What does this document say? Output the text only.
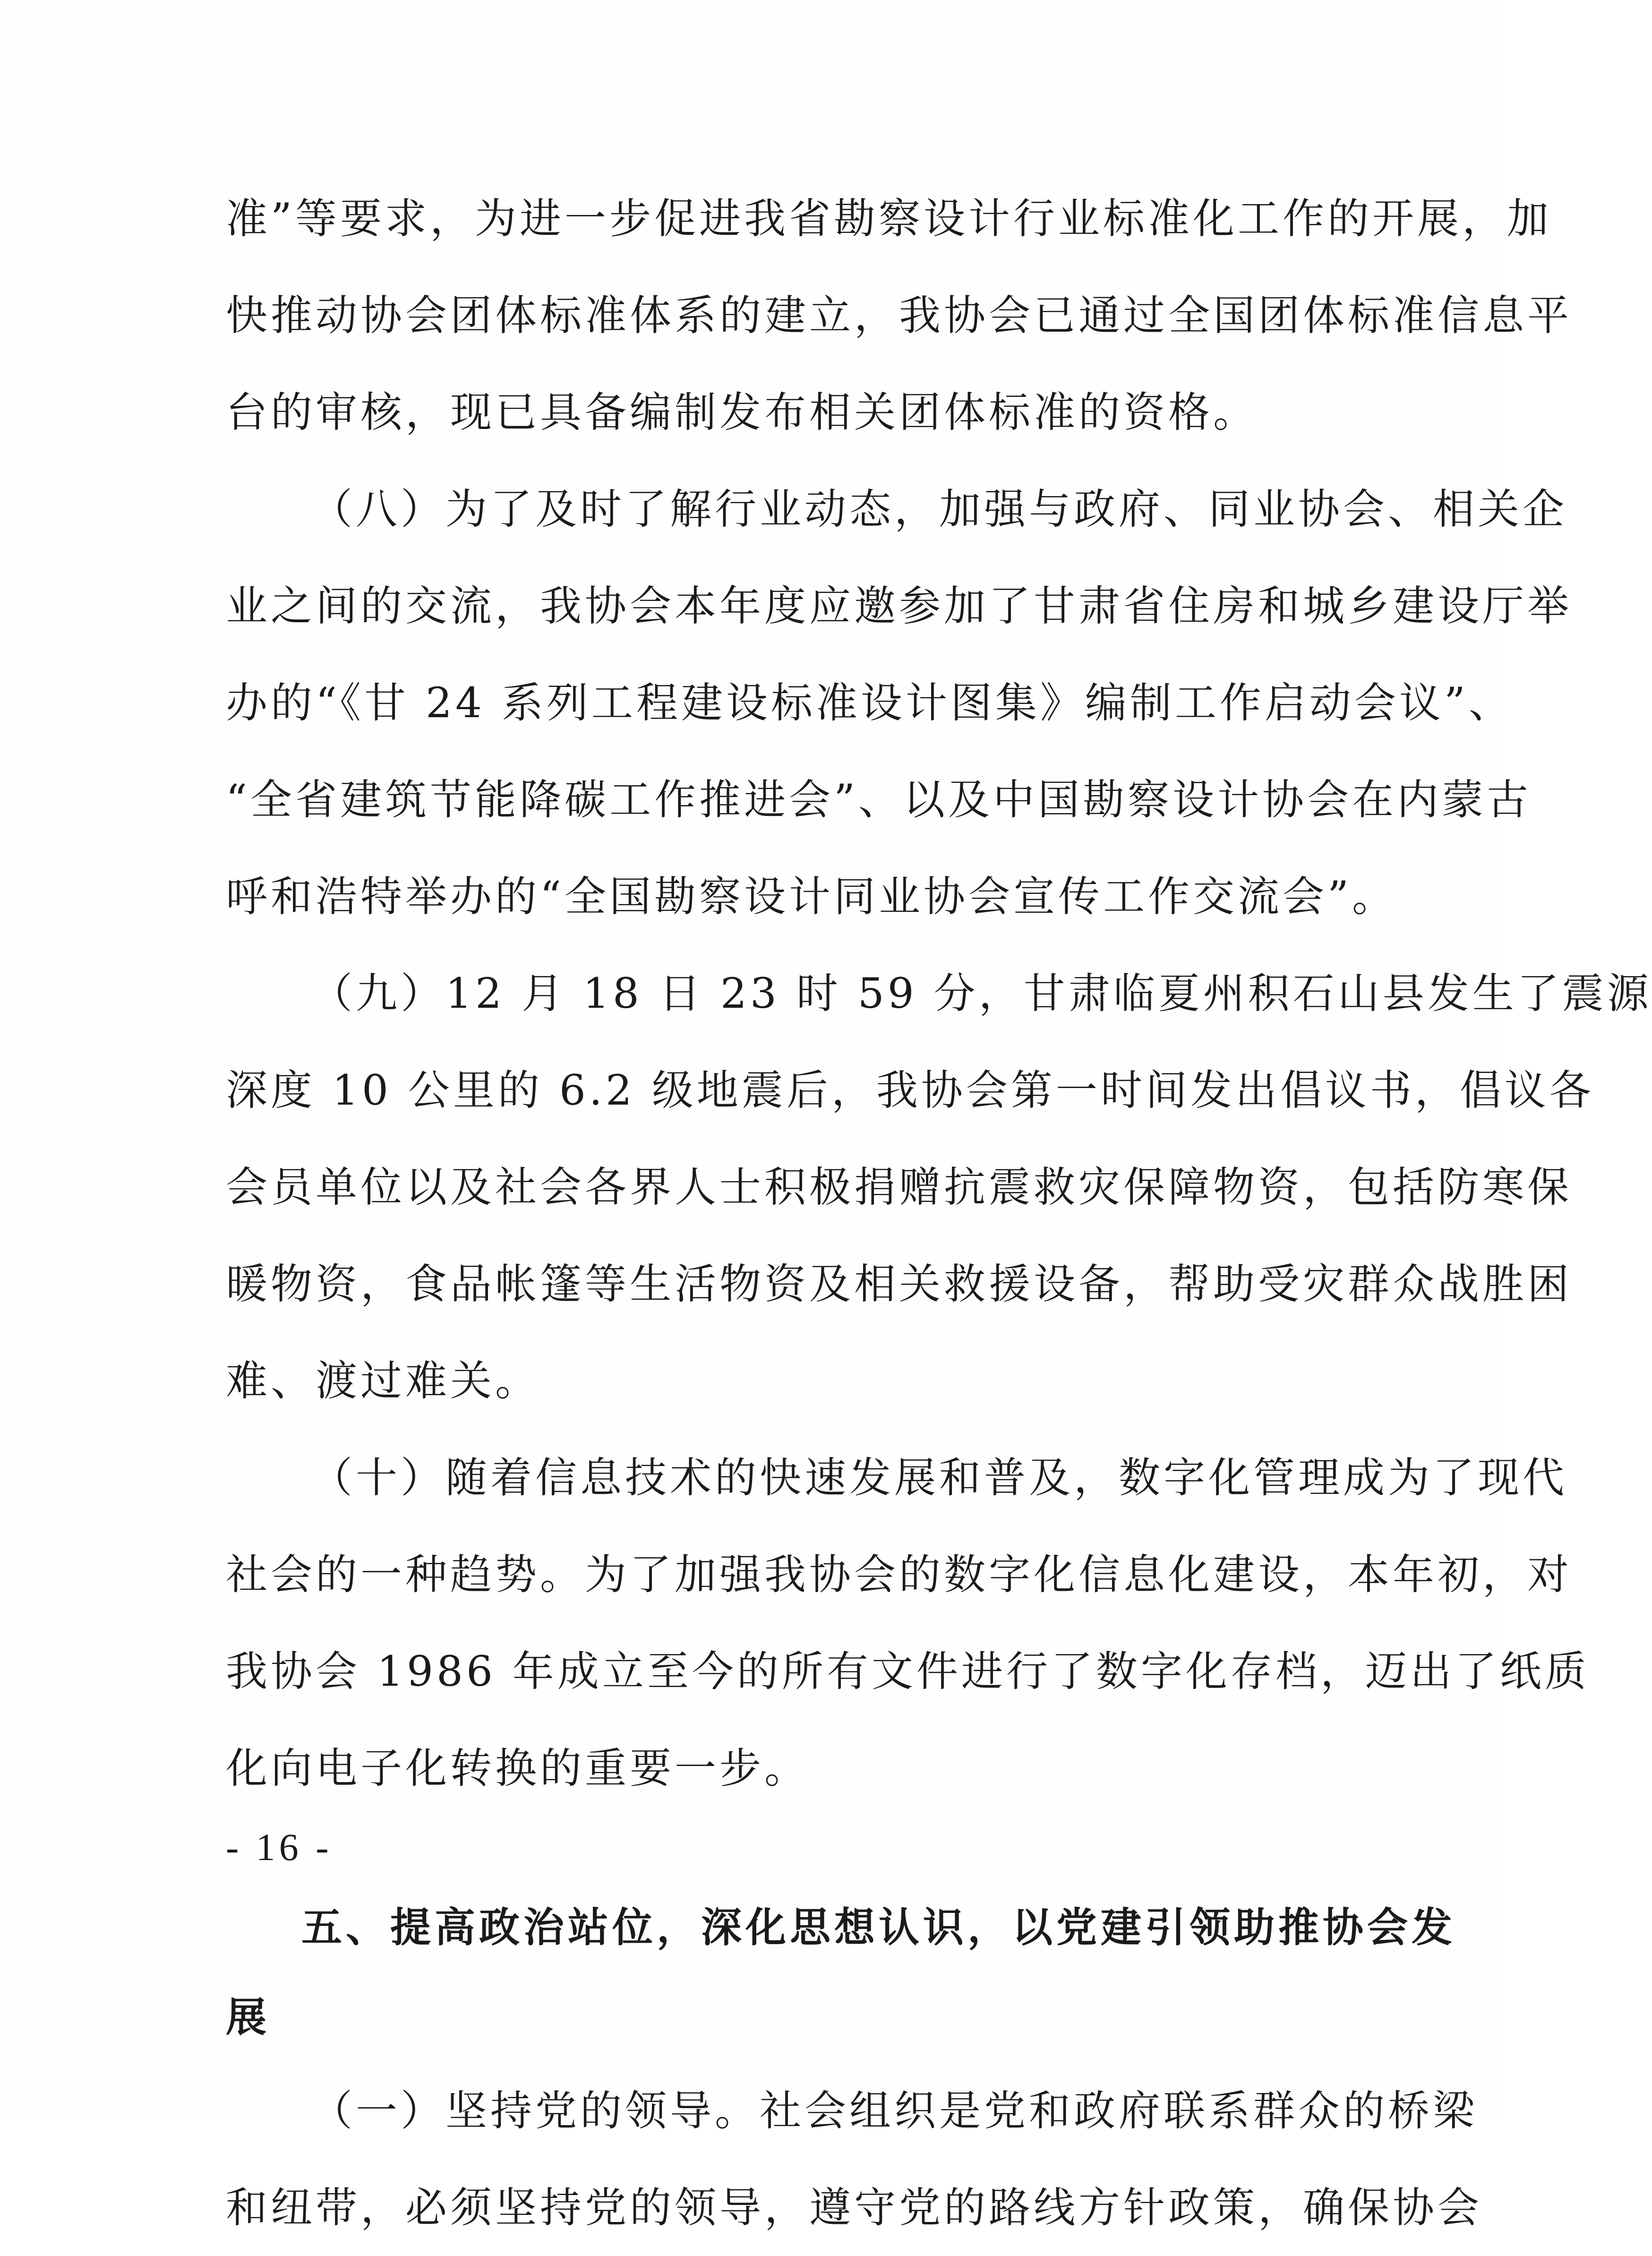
准”等要求，为进一步促进我省勘察设计行业标准化工作的开展，加
快推动协会团体标准体系的建立，我协会已通过全国团体标准信息平
台的审核，现已具备编制发布相关团体标准的资格。
（八）为了及时了解行业动态，加强与政府、同业协会、相关企
业之间的交流，我协会本年度应邀参加了甘肃省住房和城乡建设厅举
办的“《甘 24 系列工程建设标准设计图集》编制工作启动会议”、
“全省建筑节能降碳工作推进会”、以及中国勘察设计协会在内蒙古
呼和浩特举办的“全国勘察设计同业协会宣传工作交流会”。
（九）12 月 18 日 23 时 59 分，甘肃临夏州积石山县发生了震源
深度 10 公里的 6.2 级地震后，我协会第一时间发出倡议书，倡议各
会员单位以及社会各界人士积极捐赠抗震救灾保障物资，包括防寒保
暖物资，食品帐篷等生活物资及相关救援设备，帮助受灾群众战胜困
难、渡过难关。
（十）随着信息技术的快速发展和普及，数字化管理成为了现代
社会的一种趋势。为了加强我协会的数字化信息化建设，本年初，对
我协会 1986 年成立至今的所有文件进行了数字化存档，迈出了纸质
化向电子化转换的重要一步。
五、提高政治站位，深化思想认识，以党建引领助推协会发
展
（一）坚持党的领导。社会组织是党和政府联系群众的桥梁
和纽带，必须坚持党的领导，遵守党的路线方针政策，确保协会
- 16 -
